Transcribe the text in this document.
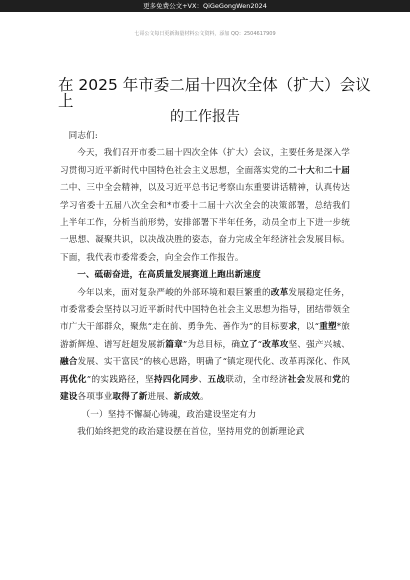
更多免费公文+VX：QiGeGongWen2024
七哥公文每日更新海量材料公文资料，添加 QQ：2504617909
在 2025 年市委二届十四次全体（扩大）会议
上
的工作报告

同志们:

今天，我们召开市委二届十四次全体（扩大）会议，主要任务是深入学习贯彻习近平新时代中国特色社会主义思想，全面落实党的二十大和二十届二中、三中全会精神，以及习近平总书记考察山东重要讲话精神，认真传达学习省委十五届八次全会和*市委十二届十六次全会的决策部署，总结我们上半年工作，分析当前形势，安排部署下半年任务，动员全市上下进一步统一思想、凝聚共识，以决战决胜的姿态，奋力完成全年经济社会发展目标。下面，我代表市委常委会，向全会作工作报告。

一、砥砺奋进，在高质量发展赛道上跑出新速度

今年以来，面对复杂严峻的外部环境和艰巨繁重的改革发展稳定任务，市委常委会坚持以习近平新时代中国特色社会主义思想为指导，团结带领全市广大干部群众，聚焦“走在前、勇争先、善作为”的目标要求，以“重塑*旅游新辉煌、谱写赶超发展新篇章”为总目标，确立了“改革攻坚、强产兴城、融合发展、实干富民”的核心思路，明确了“镇定现代化、改革再深化、作风再优化”的实践路径，坚持四化同步、五战联动，全市经济社会发展和党的建设各项事业取得了新进展、新成效。

（一）坚持不懈凝心铸魂，政治建设坚定有力

我们始终把党的政治建设摆在首位，坚持用党的创新理论武
